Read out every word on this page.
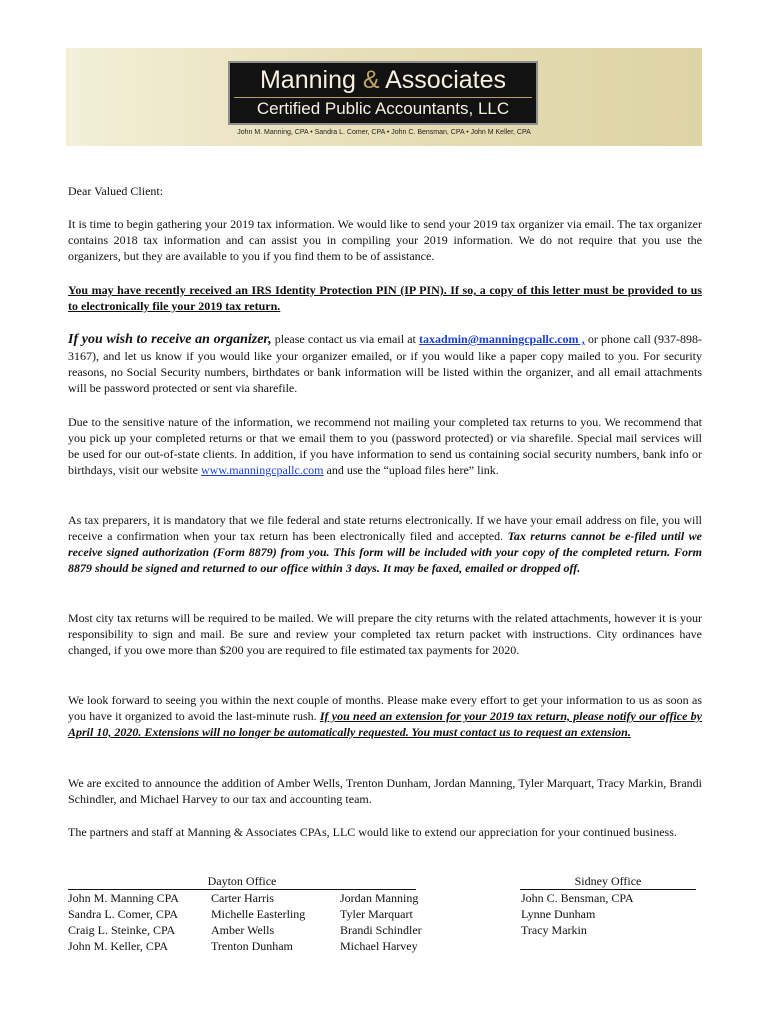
Manning & Associates
Certified Public Accountants, LLC
John M. Manning, CPA • Sandra L. Comer, CPA • John C. Bensman, CPA • John M Keller, CPA

Dear Valued Client:

It is time to begin gathering your 2019 tax information. We would like to send your 2019 tax organizer via email. The tax organizer contains 2018 tax information and can assist you in compiling your 2019 information. We do not require that you use the organizers, but they are available to you if you find them to be of assistance.

You may have recently received an IRS Identity Protection PIN (IP PIN). If so, a copy of this letter must be provided to us to electronically file your 2019 tax return.

If you wish to receive an organizer, please contact us via email at taxadmin@manningcpallc.com , or phone call (937-898-3167), and let us know if you would like your organizer emailed, or if you would like a paper copy mailed to you. For security reasons, no Social Security numbers, birthdates or bank information will be listed within the organizer, and all email attachments will be password protected or sent via sharefile.

Due to the sensitive nature of the information, we recommend not mailing your completed tax returns to you. We recommend that you pick up your completed returns or that we email them to you (password protected) or via sharefile. Special mail services will be used for our out-of-state clients. In addition, if you have information to send us containing social security numbers, bank info or birthdays, visit our website www.manningcpallc.com and use the “upload files here” link.

As tax preparers, it is mandatory that we file federal and state returns electronically. If we have your email address on file, you will receive a confirmation when your tax return has been electronically filed and accepted. Tax returns cannot be e-filed until we receive signed authorization (Form 8879) from you. This form will be included with your copy of the completed return. Form 8879 should be signed and returned to our office within 3 days. It may be faxed, emailed or dropped off.

Most city tax returns will be required to be mailed. We will prepare the city returns with the related attachments, however it is your responsibility to sign and mail. Be sure and review your completed tax return packet with instructions. City ordinances have changed, if you owe more than $200 you are required to file estimated tax payments for 2020.

We look forward to seeing you within the next couple of months. Please make every effort to get your information to us as soon as you have it organized to avoid the last-minute rush. If you need an extension for your 2019 tax return, please notify our office by April 10, 2020. Extensions will no longer be automatically requested. You must contact us to request an extension.

We are excited to announce the addition of Amber Wells, Trenton Dunham, Jordan Manning, Tyler Marquart, Tracy Markin, Brandi Schindler, and Michael Harvey to our tax and accounting team.

The partners and staff at Manning & Associates CPAs, LLC would like to extend our appreciation for your continued business.

Dayton Office	Sidney Office
John M. Manning CPA
Sandra L. Comer, CPA
Craig L. Steinke, CPA
John M. Keller, CPA
Carter Harris
Michelle Easterling
Amber Wells
Trenton Dunham
Jordan Manning
Tyler Marquart
Brandi Schindler
Michael Harvey
John C. Bensman, CPA
Lynne Dunham
Tracy Markin
